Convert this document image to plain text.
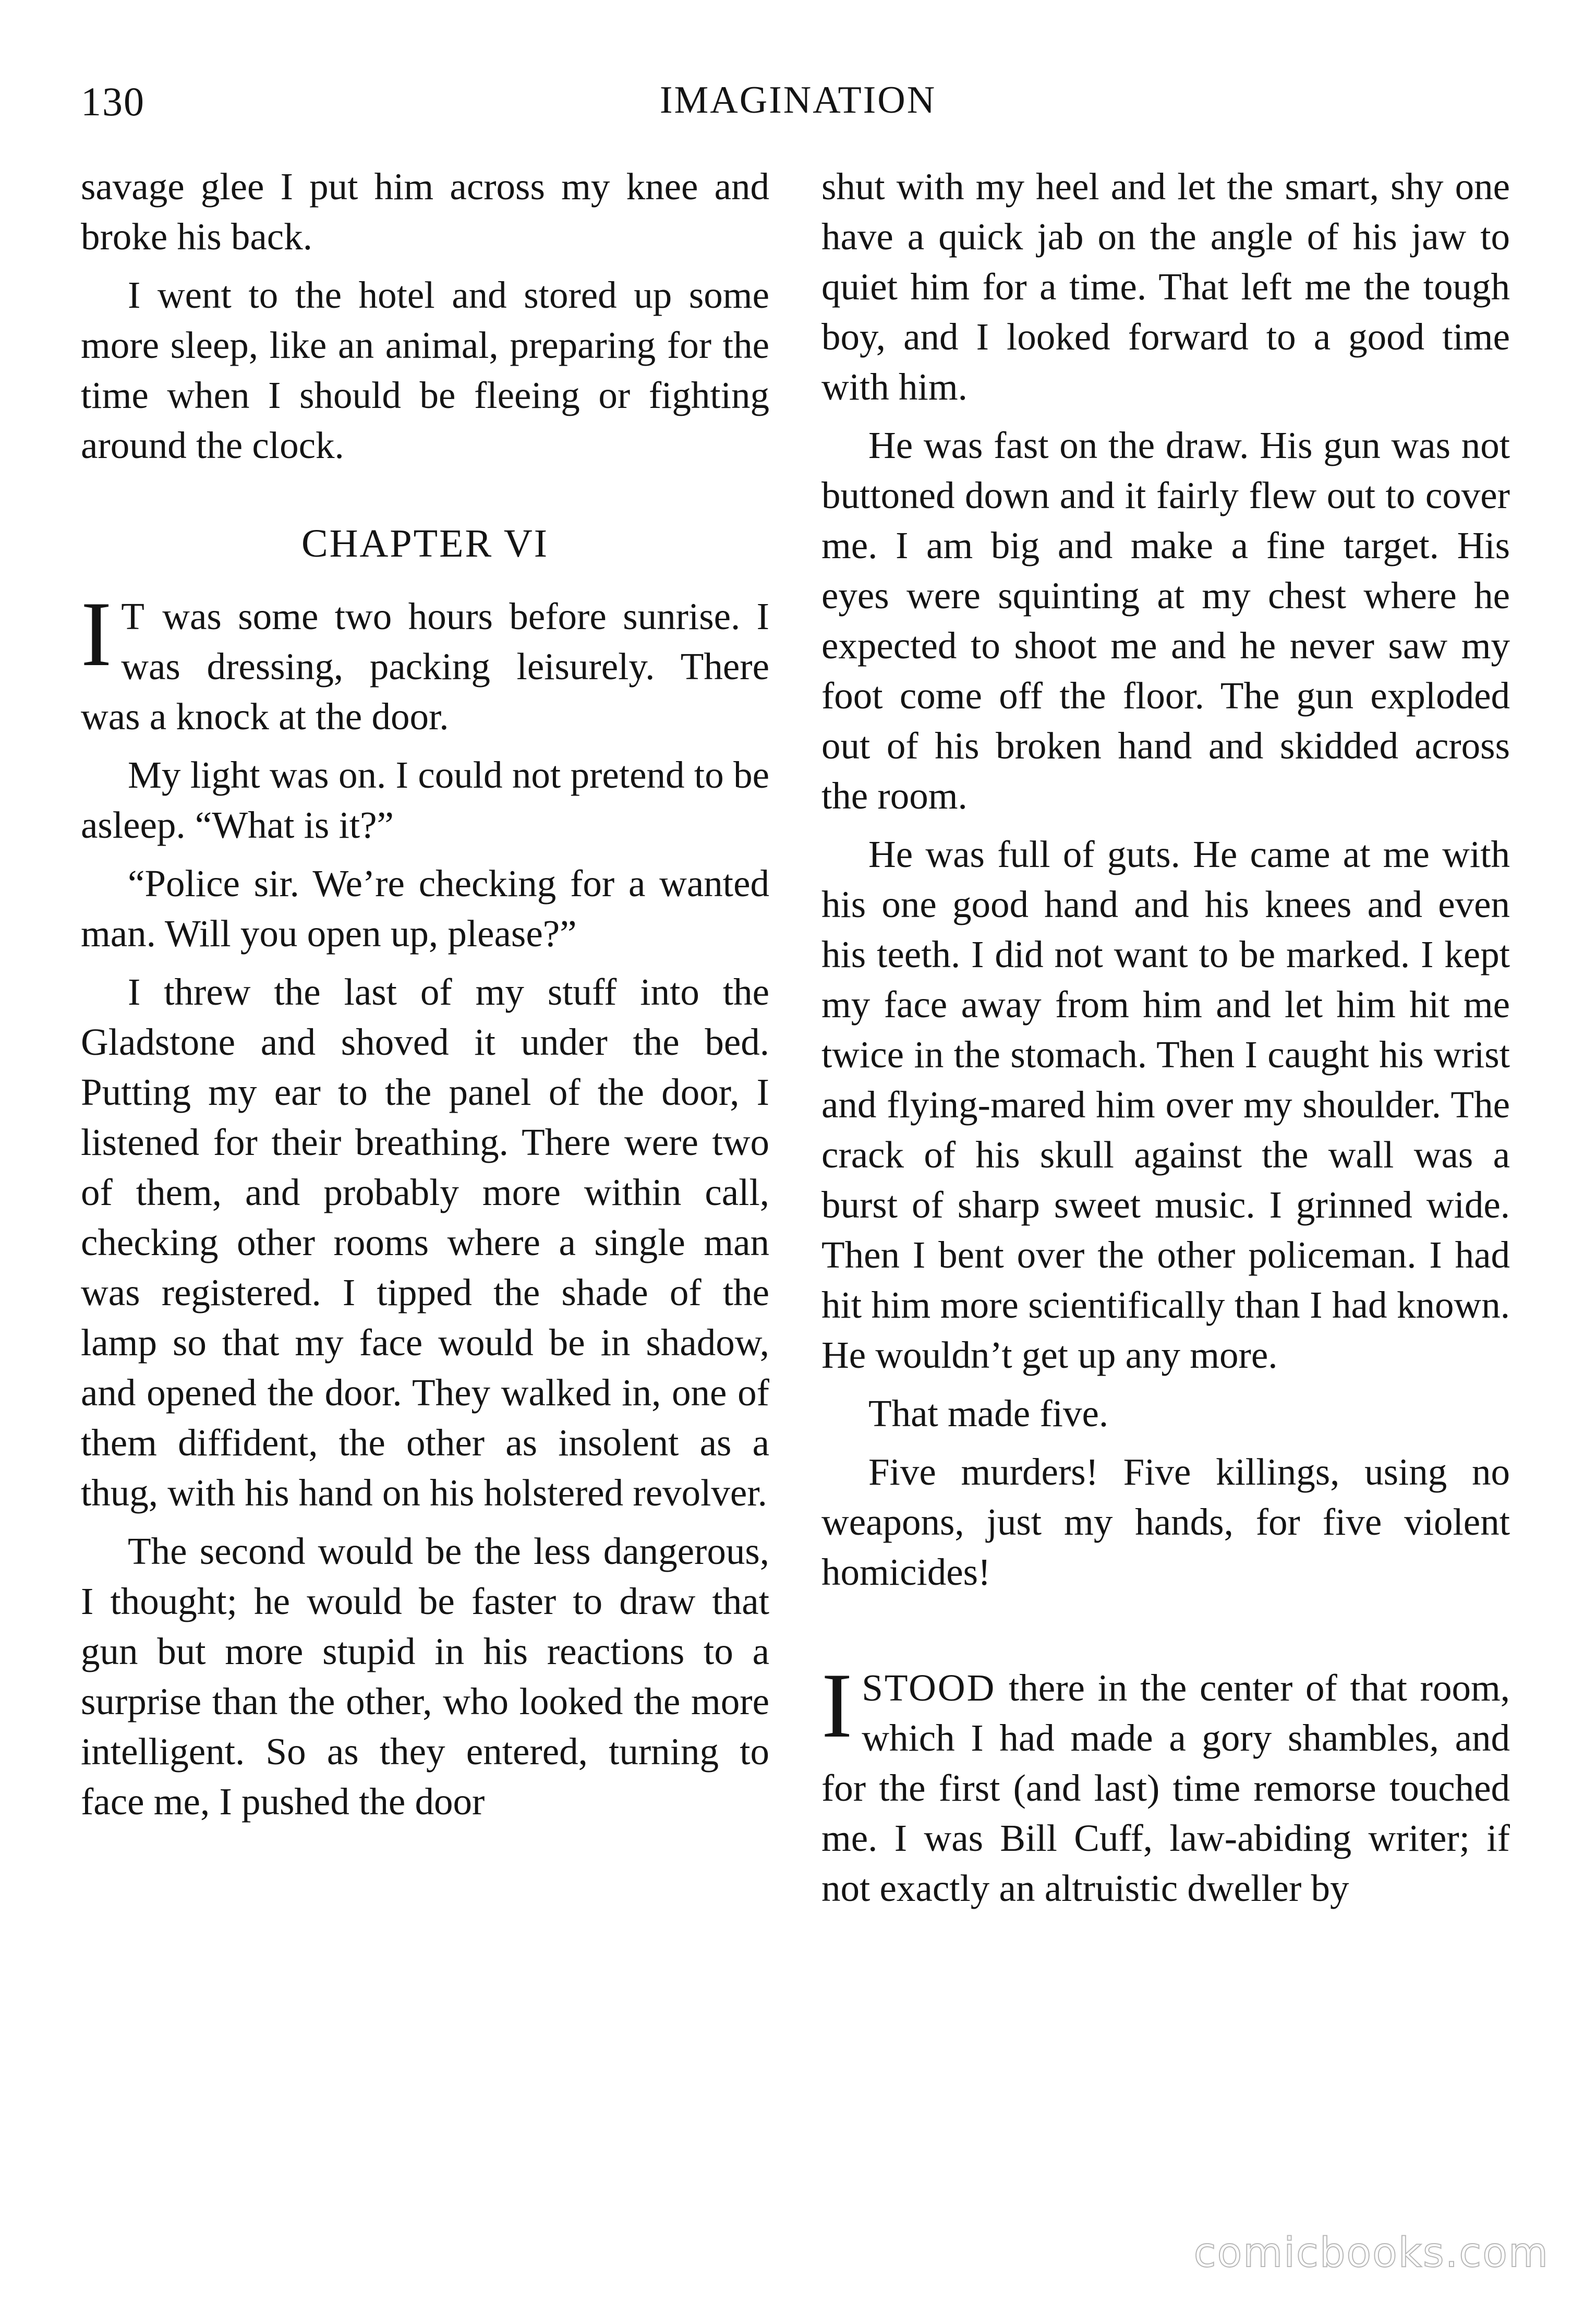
130	IMAGINATION

savage glee I put him across my knee and broke his back.

I went to the hotel and stored up some more sleep, like an animal, preparing for the time when I should be fleeing or fighting around the clock.

CHAPTER VI

I T was some two hours before sunrise. I was dressing, packing leisurely. There was a knock at the door.

My light was on. I could not pretend to be asleep. “What is it?”

“Police sir. We’re checking for a wanted man. Will you open up, please?”

I threw the last of my stuff into the Gladstone and shoved it under the bed. Putting my ear to the panel of the door, I listened for their breathing. There were two of them, and probably more within call, checking other rooms where a single man was registered. I tipped the shade of the lamp so that my face would be in shadow, and opened the door. They walked in, one of them diffident, the other as insolent as a thug, with his hand on his holstered revolver.

The second would be the less dangerous, I thought; he would be faster to draw that gun but more stupid in his reactions to a surprise than the other, who looked the more intelligent. So as they entered, turning to face me, I pushed the door

shut with my heel and let the smart, shy one have a quick jab on the angle of his jaw to quiet him for a time. That left me the tough boy, and I looked forward to a good time with him.

He was fast on the draw. His gun was not buttoned down and it fairly flew out to cover me. I am big and make a fine target. His eyes were squinting at my chest where he expected to shoot me and he never saw my foot come off the floor. The gun exploded out of his broken hand and skidded across the room.

He was full of guts. He came at me with his one good hand and his knees and even his teeth. I did not want to be marked. I kept my face away from him and let him hit me twice in the stomach. Then I caught his wrist and flying-mared him over my shoulder. The crack of his skull against the wall was a burst of sharp sweet music. I grinned wide. Then I bent over the other policeman. I had hit him more scientifically than I had known. He wouldn’t get up any more.

That made five.

Five murders! Five killings, using no weapons, just my hands, for five violent homicides!

I STOOD there in the center of that room, which I had made a gory shambles, and for the first (and last) time remorse touched me. I was Bill Cuff, law-abiding writer; if not exactly an altruistic dweller by

comicbooks.com
